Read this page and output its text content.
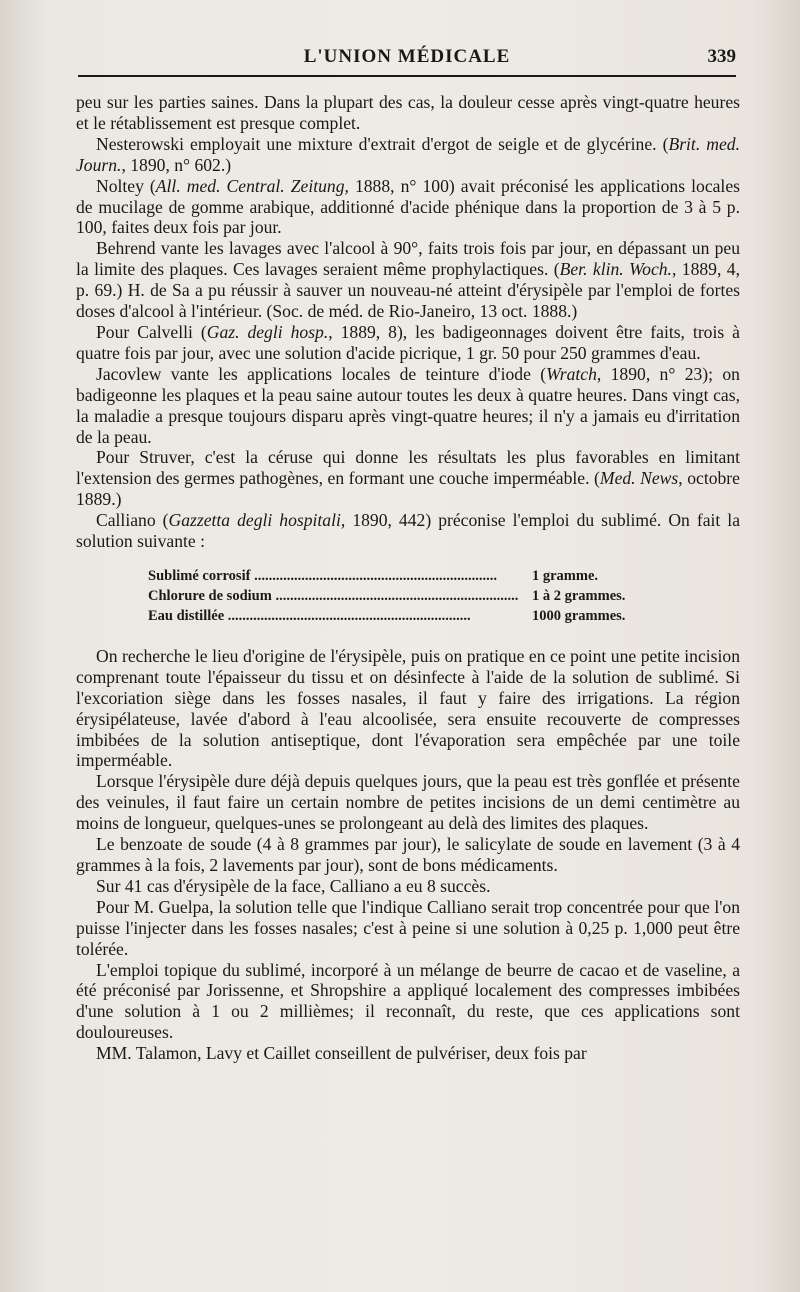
L'UNION MÉDICALE	339

peu sur les parties saines. Dans la plupart des cas, la douleur cesse après vingt-quatre heures et le rétablissement est presque complet.

Nesterowski employait une mixture d'extrait d'ergot de seigle et de glycérine. (Brit. med. Journ., 1890, n° 602.)

Noltey (All. med. Central. Zeitung, 1888, n° 100) avait préconisé les applications locales de mucilage de gomme arabique, additionné d'acide phénique dans la proportion de 3 à 5 p. 100, faites deux fois par jour.

Behrend vante les lavages avec l'alcool à 90°, faits trois fois par jour, en dépassant un peu la limite des plaques. Ces lavages seraient même prophylactiques. (Ber. klin. Woch., 1889, 4, p. 69.) H. de Sa a pu réussir à sauver un nouveau-né atteint d'érysipèle par l'emploi de fortes doses d'alcool à l'intérieur. (Soc. de méd. de Rio-Janeiro, 13 oct. 1888.)

Pour Calvelli (Gaz. degli hosp., 1889, 8), les badigeonnages doivent être faits, trois à quatre fois par jour, avec une solution d'acide picrique, 1 gr. 50 pour 250 grammes d'eau.

Jacovlew vante les applications locales de teinture d'iode (Wratch, 1890, n° 23); on badigeonne les plaques et la peau saine autour toutes les deux à quatre heures. Dans vingt cas, la maladie a presque toujours disparu après vingt-quatre heures; il n'y a jamais eu d'irritation de la peau.

Pour Struver, c'est la céruse qui donne les résultats les plus favorables en limitant l'extension des germes pathogènes, en formant une couche imperméable. (Med. News, octobre 1889.)

Calliano (Gazzetta degli hospitali, 1890, 442) préconise l'emploi du sublimé. On fait la solution suivante :

Sublimé corrosif .....	1 gramme.
Chlorure de sodium .....	1 à 2 grammes.
Eau distillée .....	1000 grammes.

On recherche le lieu d'origine de l'érysipèle, puis on pratique en ce point une petite incision comprenant toute l'épaisseur du tissu et on désinfecte à l'aide de la solution de sublimé. Si l'excoriation siège dans les fosses nasales, il faut y faire des irrigations. La région érysipélateuse, lavée d'abord à l'eau alcoolisée, sera ensuite recouverte de compresses imbibées de la solution antiseptique, dont l'évaporation sera empêchée par une toile imperméable.

Lorsque l'érysipèle dure déjà depuis quelques jours, que la peau est très gonflée et présente des veinules, il faut faire un certain nombre de petites incisions de un demi centimètre au moins de longueur, quelques-unes se prolongeant au delà des limites des plaques.

Le benzoate de soude (4 à 8 grammes par jour), le salicylate de soude en lavement (3 à 4 grammes à la fois, 2 lavements par jour), sont de bons médicaments.

Sur 41 cas d'érysipèle de la face, Calliano a eu 8 succès.

Pour M. Guelpa, la solution telle que l'indique Calliano serait trop concentrée pour que l'on puisse l'injecter dans les fosses nasales; c'est à peine si une solution à 0,25 p. 1,000 peut être tolérée.

L'emploi topique du sublimé, incorporé à un mélange de beurre de cacao et de vaseline, a été préconisé par Jorissenne, et Shropshire a appliqué localement des compresses imbibées d'une solution à 1 ou 2 millièmes; il reconnaît, du reste, que ces applications sont douloureuses.

MM. Talamon, Lavy et Caillet conseillent de pulvériser, deux fois par
